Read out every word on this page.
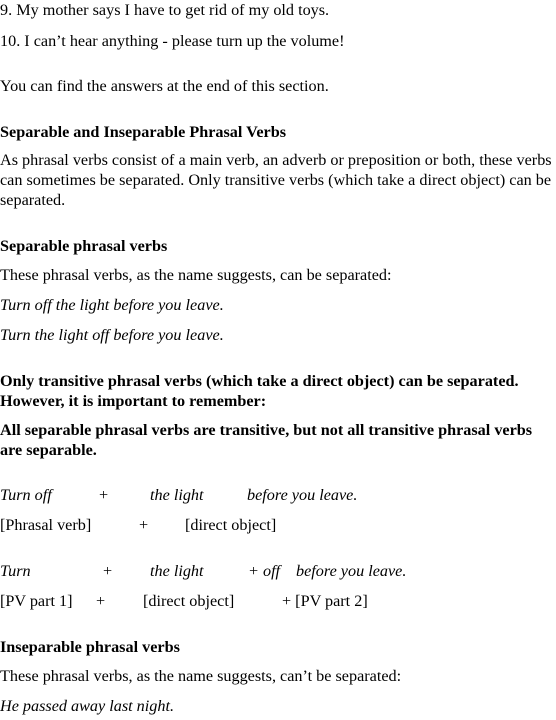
9. My mother says I have to get rid of my old toys.
10. I can’t hear anything - please turn up the volume!
You can find the answers at the end of this section.
Separable and Inseparable Phrasal Verbs
As phrasal verbs consist of a main verb, an adverb or preposition or both, these verbs can sometimes be separated. Only transitive verbs (which take a direct object) can be separated.
Separable phrasal verbs
These phrasal verbs, as the name suggests, can be separated:
Turn off the light before you leave.
Turn the light off before you leave.
Only transitive phrasal verbs (which take a direct object) can be separated. However, it is important to remember:
All separable phrasal verbs are transitive, but not all transitive phrasal verbs are separable.
Turn off	+	the light	before you leave.
[Phrasal verb]	+ [direct object]
Turn	+ the light	+ off before you leave.
[PV part 1] + [direct object]	+ [PV part 2]
Inseparable phrasal verbs
These phrasal verbs, as the name suggests, can’t be separated:
He passed away last night.
